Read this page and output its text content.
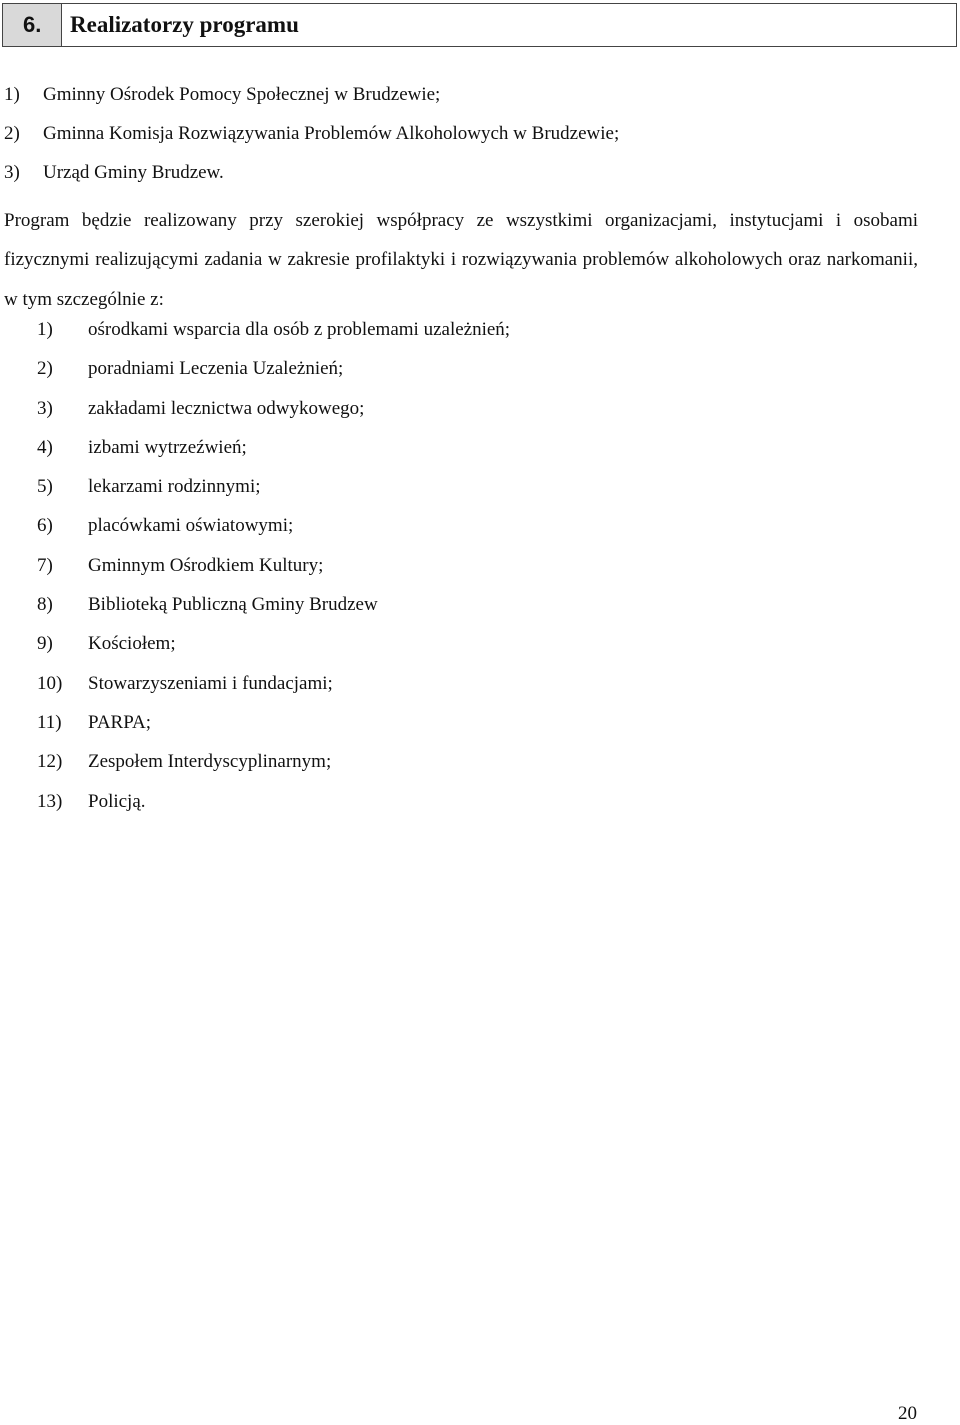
6.	Realizatorzy programu
1) Gminny Ośrodek Pomocy Społecznej w Brudzewie;
2) Gminna Komisja Rozwiązywania Problemów Alkoholowych w Brudzewie;
3) Urząd Gminy Brudzew.

Program będzie realizowany przy szerokiej współpracy ze wszystkimi organizacjami, instytucjami i osobami fizycznymi realizującymi zadania w zakresie profilaktyki i rozwiązywania problemów alkoholowych oraz narkomanii, w tym szczególnie z:

1) ośrodkami wsparcia dla osób z problemami uzależnień;
2) poradniami Leczenia Uzależnień;
3) zakładami lecznictwa odwykowego;
4) izbami wytrzeźwień;
5) lekarzami rodzinnymi;
6) placówkami oświatowymi;
7) Gminnym Ośrodkiem Kultury;
8) Biblioteką Publiczną Gminy Brudzew
9) Kościołem;
10) Stowarzyszeniami i fundacjami;
11) PARPA;
12) Zespołem Interdyscyplinarnym;
13) Policją.
20
